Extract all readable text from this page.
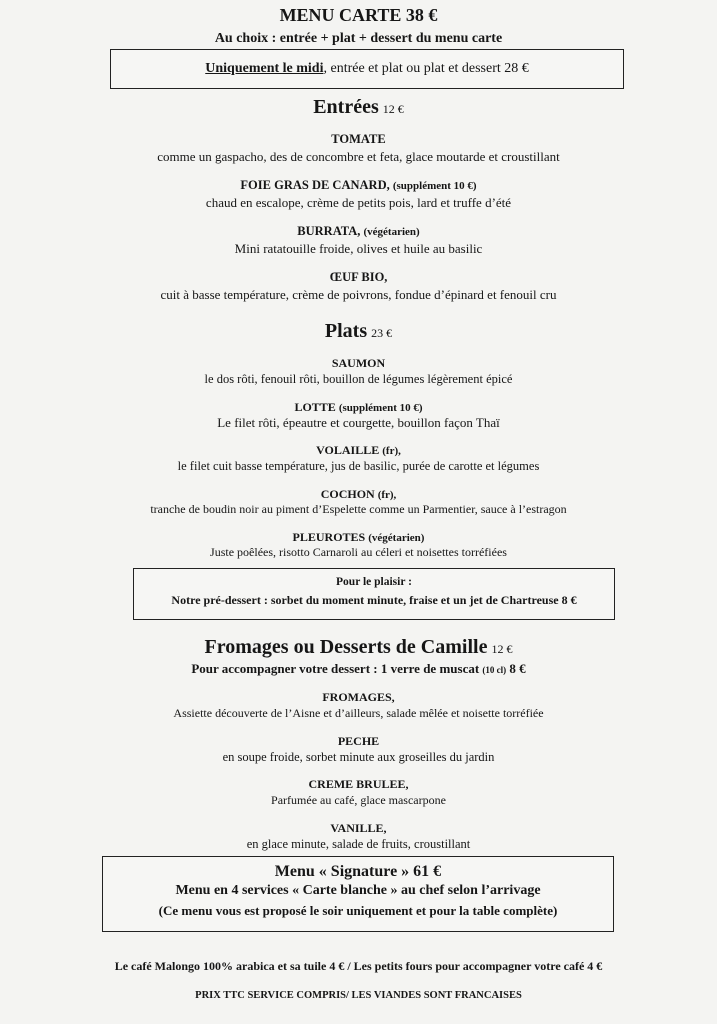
MENU CARTE 38 €
Au choix : entrée + plat + dessert du menu carte
Uniquement le midi, entrée et plat ou plat et dessert 28 €
Entrées 12 €
TOMATE
comme un gaspacho, des de concombre et feta, glace moutarde et croustillant
FOIE GRAS DE CANARD, (supplément 10 €)
chaud en escalope, crème de petits pois, lard et truffe d’été
BURRATA, (végétarien)
Mini ratatouille froide, olives et huile au basilic
ŒUF BIO,
cuit à basse température, crème de poivrons, fondue d’épinard et fenouil cru
Plats 23 €
SAUMON
le dos rôti, fenouil rôti, bouillon de légumes légèrement épicé
LOTTE (supplément 10 €)
Le filet rôti, épeautre et courgette, bouillon façon Thaï
VOLAILLE (fr),
le filet cuit basse température, jus de basilic, purée de carotte et légumes
COCHON (fr),
tranche de boudin noir au piment d’Espelette comme un Parmentier, sauce à l’estragon
PLEUROTES (végétarien)
Juste poêlées, risotto Carnaroli au céleri et noisettes torréfiées
Pour le plaisir :
Notre pré-dessert : sorbet du moment minute, fraise et un jet de Chartreuse 8 €
Fromages ou Desserts de Camille 12 €
Pour accompagner votre dessert : 1 verre de muscat (10 cl) 8 €
FROMAGES,
Assiette découverte de l’Aisne et d’ailleurs, salade mêlée et noisette torréfiée
PECHE
en soupe froide, sorbet minute aux groseilles du jardin
CREME BRULEE,
Parfumée au café, glace mascarpone
VANILLE,
en glace minute, salade de fruits, croustillant
Menu « Signature » 61 €
Menu en 4 services « Carte blanche » au chef selon l’arrivage
(Ce menu vous est proposé le soir uniquement et pour la table complète)
Le café Malongo 100% arabica et sa tuile 4 € / Les petits fours pour accompagner votre café 4 €
PRIX TTC SERVICE COMPRIS/ LES VIANDES SONT FRANCAISES
